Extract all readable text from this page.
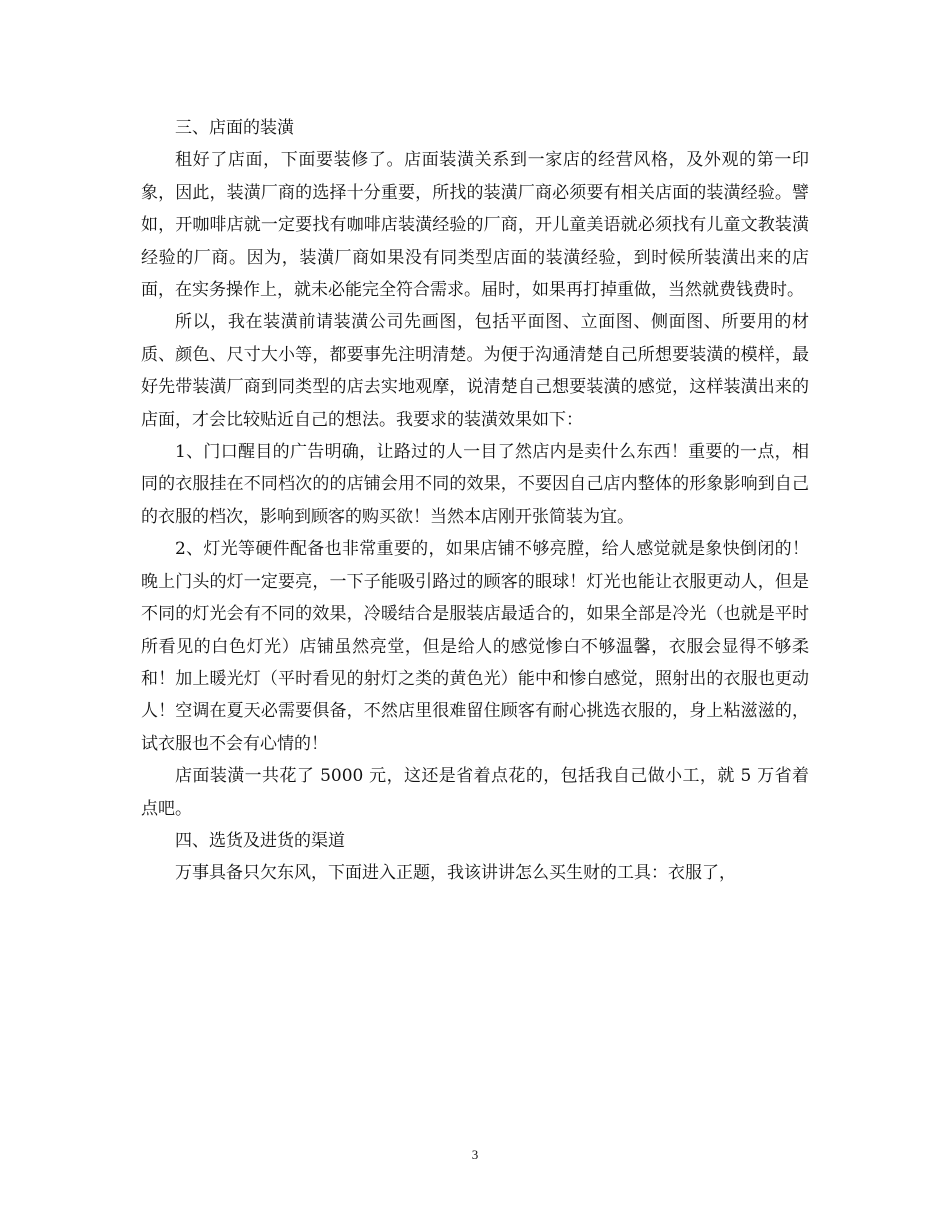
三、店面的装潢

租好了店面，下面要装修了。店面装潢关系到一家店的经营风格，及外观的第一印象，因此，装潢厂商的选择十分重要，所找的装潢厂商必须要有相关店面的装潢经验。譬如，开咖啡店就一定要找有咖啡店装潢经验的厂商，开儿童美语就必须找有儿童文教装潢经验的厂商。因为，装潢厂商如果没有同类型店面的装潢经验，到时候所装潢出来的店面，在实务操作上，就未必能完全符合需求。届时，如果再打掉重做，当然就费钱费时。

所以，我在装潢前请装潢公司先画图，包括平面图、立面图、侧面图、所要用的材质、颜色、尺寸大小等，都要事先注明清楚。为便于沟通清楚自己所想要装潢的模样，最好先带装潢厂商到同类型的店去实地观摩，说清楚自己想要装潢的感觉，这样装潢出来的店面，才会比较贴近自己的想法。我要求的装潢效果如下：

1、门口醒目的广告明确，让路过的人一目了然店内是卖什么东西！重要的一点，相同的衣服挂在不同档次的的店铺会用不同的效果，不要因自己店内整体的形象影响到自己的衣服的档次，影响到顾客的购买欲！当然本店刚开张简装为宜。

2、灯光等硬件配备也非常重要的，如果店铺不够亮膛，给人感觉就是象快倒闭的！晚上门头的灯一定要亮，一下子能吸引路过的顾客的眼球！灯光也能让衣服更动人，但是不同的灯光会有不同的效果，冷暖结合是服装店最适合的，如果全部是冷光（也就是平时所看见的白色灯光）店铺虽然亮堂，但是给人的感觉惨白不够温馨，衣服会显得不够柔和！加上暖光灯（平时看见的射灯之类的黄色光）能中和惨白感觉，照射出的衣服也更动人！空调在夏天必需要俱备，不然店里很难留住顾客有耐心挑选衣服的，身上粘滋滋的，试衣服也不会有心情的！

店面装潢一共花了 5000 元，这还是省着点花的，包括我自己做小工，就 5 万省着点吧。

四、选货及进货的渠道

万事具备只欠东风，下面进入正题，我该讲讲怎么买生财的工具：衣服了，

3
